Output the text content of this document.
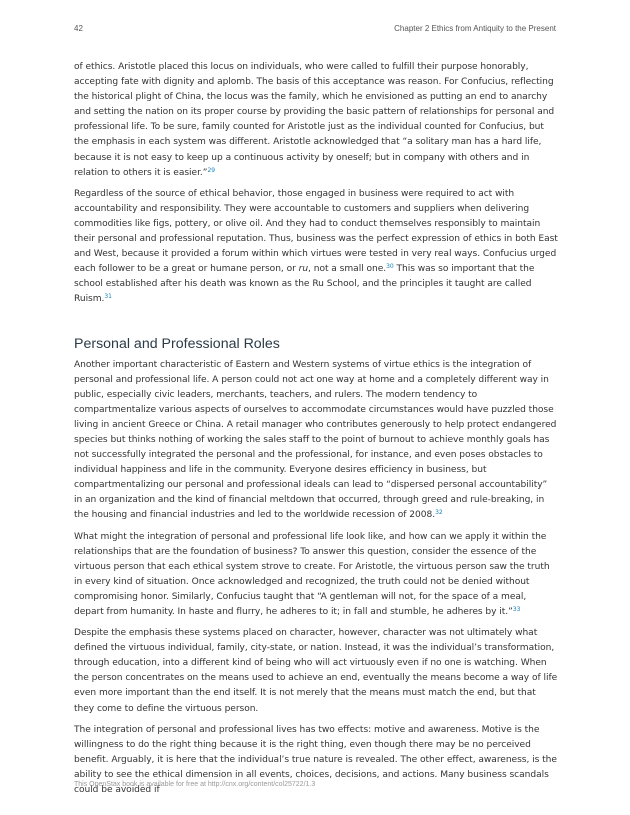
42	Chapter 2 Ethics from Antiquity to the Present

of ethics. Aristotle placed this locus on individuals, who were called to fulfill their purpose honorably, accepting fate with dignity and aplomb. The basis of this acceptance was reason. For Confucius, reflecting the historical plight of China, the locus was the family, which he envisioned as putting an end to anarchy and setting the nation on its proper course by providing the basic pattern of relationships for personal and professional life. To be sure, family counted for Aristotle just as the individual counted for Confucius, but the emphasis in each system was different. Aristotle acknowledged that “a solitary man has a hard life, because it is not easy to keep up a continuous activity by oneself; but in company with others and in relation to others it is easier.”$^{29}$

Regardless of the source of ethical behavior, those engaged in business were required to act with accountability and responsibility. They were accountable to customers and suppliers when delivering commodities like figs, pottery, or olive oil. And they had to conduct themselves responsibly to maintain their personal and professional reputation. Thus, business was the perfect expression of ethics in both East and West, because it provided a forum within which virtues were tested in very real ways. Confucius urged each follower to be a great or humane person, or ru, not a small one.$^{30}$ This was so important that the school established after his death was known as the Ru School, and the principles it taught are called Ruism.$^{31}$

Personal and Professional Roles

Another important characteristic of Eastern and Western systems of virtue ethics is the integration of personal and professional life. A person could not act one way at home and a completely different way in public, especially civic leaders, merchants, teachers, and rulers. The modern tendency to compartmentalize various aspects of ourselves to accommodate circumstances would have puzzled those living in ancient Greece or China. A retail manager who contributes generously to help protect endangered species but thinks nothing of working the sales staff to the point of burnout to achieve monthly goals has not successfully integrated the personal and the professional, for instance, and even poses obstacles to individual happiness and life in the community. Everyone desires efficiency in business, but compartmentalizing our personal and professional ideals can lead to “dispersed personal accountability” in an organization and the kind of financial meltdown that occurred, through greed and rule-breaking, in the housing and financial industries and led to the worldwide recession of 2008.32

What might the integration of personal and professional life look like, and how can we apply it within the relationships that are the foundation of business? To answer this question, consider the essence of the virtuous person that each ethical system strove to create. For Aristotle, the virtuous person saw the truth in every kind of situation. Once acknowledged and recognized, the truth could not be denied without compromising honor. Similarly, Confucius taught that “A gentleman will not, for the space of a meal, depart from humanity. In haste and flurry, he adheres to it; in fall and stumble, he adheres by it.”$^{33}$

Despite the emphasis these systems placed on character, however, character was not ultimately what defined the virtuous individual, family, city-state, or nation. Instead, it was the individual’s transformation, through education, into a different kind of being who will act virtuously even if no one is watching. When the person concentrates on the means used to achieve an end, eventually the means become a way of life even more important than the end itself. It is not merely that the means must match the end, but that they come to define the virtuous person.

The integration of personal and professional lives has two effects: motive and awareness. Motive is the willingness to do the right thing because it is the right thing, even though there may be no perceived benefit. Arguably, it is here that the individual’s true nature is revealed. The other effect, awareness, is the ability to see the ethical dimension in all events, choices, decisions, and actions. Many business scandals could be avoided if

This OpenStax book is available for free at http://cnx.org/content/col25722/1.3
